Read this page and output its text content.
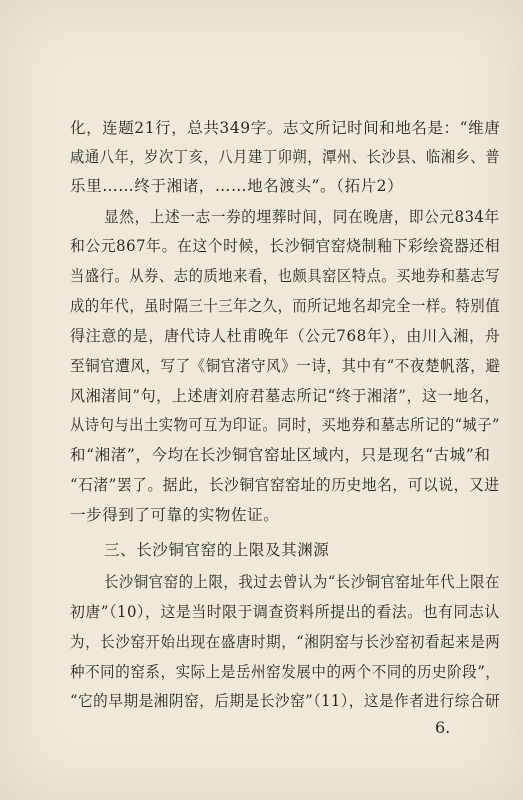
化，连题21行，总共349字。志文所记时间和地名是：“维唐
咸通八年，岁次丁亥，八月建丁卯朔，潭州、长沙县、临湘乡、普
乐里……终于湘诸，……地名渡头”。（拓片2）
显然，上述一志一券的埋葬时间，同在晚唐，即公元834年
和公元867年。在这个时候，长沙铜官窑烧制釉下彩绘瓷器还相
当盛行。从券、志的质地来看，也颇具窑区特点。买地券和墓志写
成的年代，虽时隔三十三年之久，而所记地名却完全一样。特别值
得注意的是，唐代诗人杜甫晚年（公元768年），由川入湘，舟
至铜官遭风，写了《铜官渚守风》一诗，其中有“不夜楚帆落，避
风湘渚间”句，上述唐刘府君墓志所记“终于湘渚”，这一地名，
从诗句与出土实物可互为印证。同时，买地券和墓志所记的“城子”
和“湘渚”，今均在长沙铜官窑址区域内，只是现名“古城”和
“石渚”罢了。据此，长沙铜官窑窑址的历史地名，可以说，又进
一步得到了可靠的实物佐证。
三、长沙铜官窑的上限及其渊源
长沙铜官窑的上限，我过去曾认为“长沙铜官窑址年代上限在
初唐”（10），这是当时限于调查资料所提出的看法。也有同志认
为，长沙窑开始出现在盛唐时期，“湘阴窑与长沙窑初看起来是两
种不同的窑系，实际上是岳州窑发展中的两个不同的历史阶段”，
“它的早期是湘阴窑，后期是长沙窑”（11），这是作者进行综合研
6.
